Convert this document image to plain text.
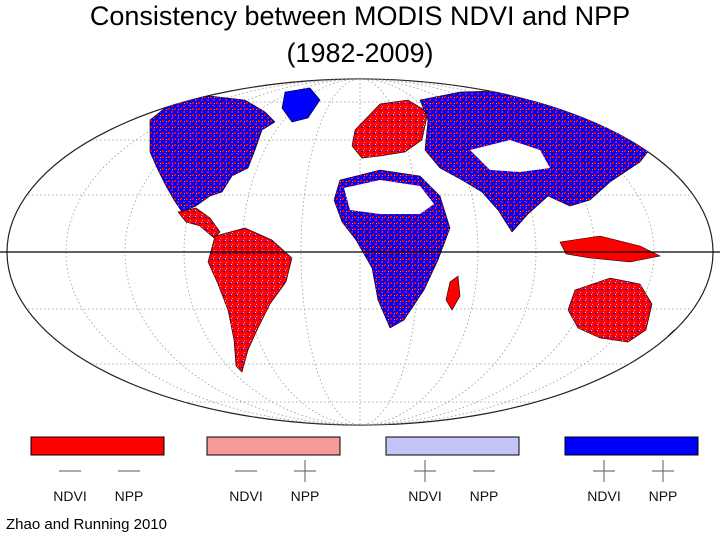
Consistency between MODIS NDVI and NPP
(1982-2009)
NDVI	NPP	NDVI	NPP	NDVI	NPP	NDVI	NPP
Zhao and Running 2010
